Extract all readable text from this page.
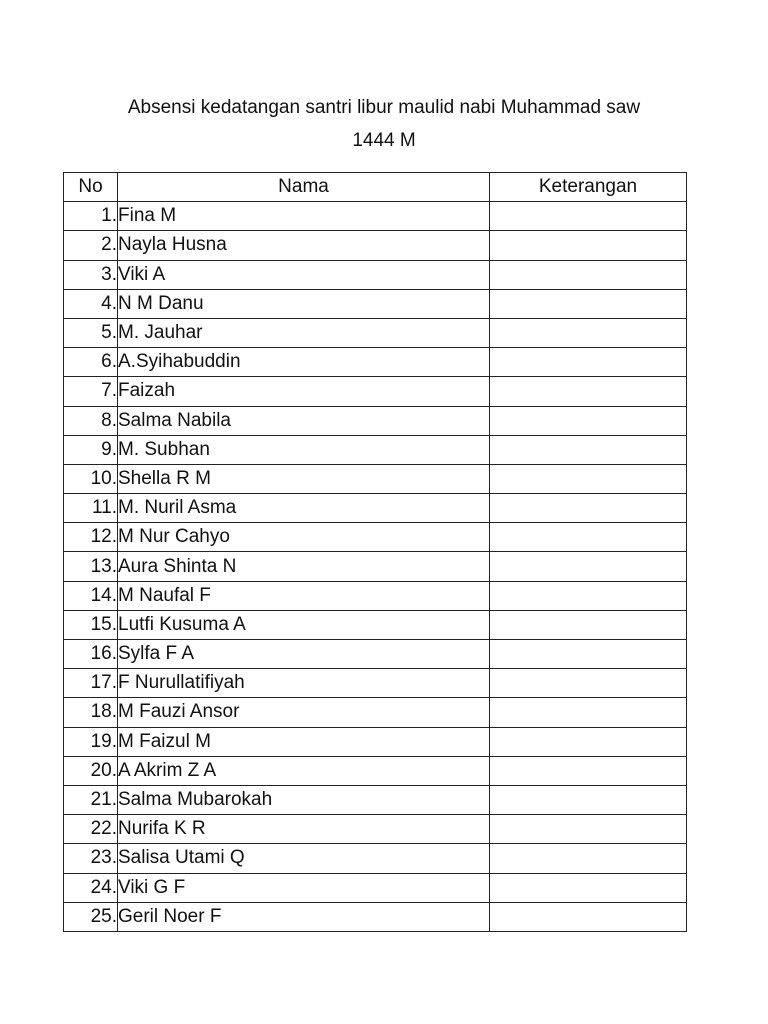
Absensi kedatangan santri libur maulid nabi Muhammad saw
1444 M
No	Nama	Keterangan
1.	Fina M	
2.	Nayla Husna	
3.	Viki A	
4.	N M Danu	
5.	M. Jauhar	
6.	A.Syihabuddin	
7.	Faizah	
8.	Salma Nabila	
9.	M. Subhan	
10.	Shella R M	
11.	M. Nuril Asma	
12.	M Nur Cahyo	
13.	Aura Shinta N	
14.	M Naufal F	
15.	Lutfi Kusuma A	
16.	Sylfa F A	
17.	F Nurullatifiyah	
18.	M Fauzi Ansor	
19.	M Faizul M	
20.	A Akrim Z A	
21.	Salma Mubarokah	
22.	Nurifa K R	
23.	Salisa Utami Q	
24.	Viki G F	
25.	Geril Noer F	
